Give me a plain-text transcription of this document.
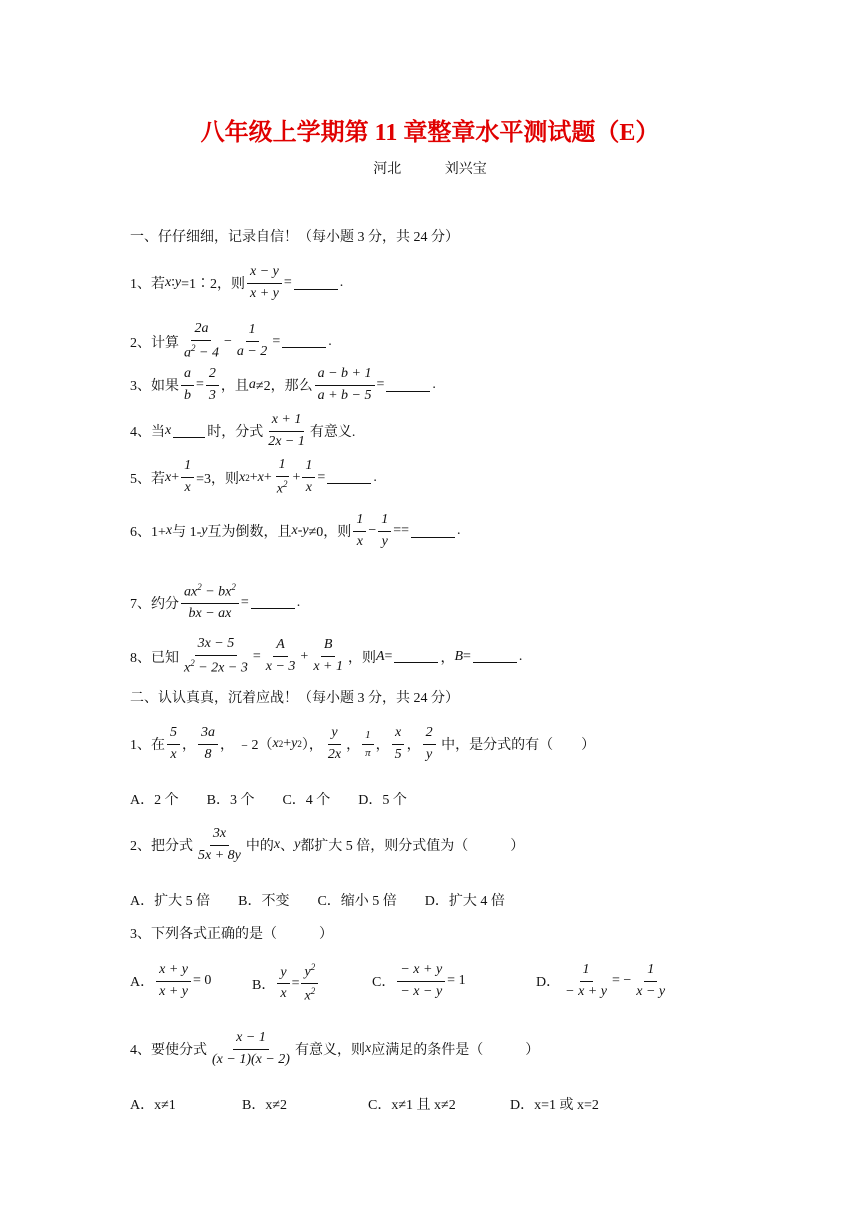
八年级上学期第 11 章整章水平测试题（E）
河北	刘兴宝
一、仔仔细细，记录自信！（每小题 3 分，共 24 分）
1、若 x ∶ y =1∶2，则 $\frac{x - y}{x + y}$ =	.
2、计算 $\frac{2a}{a^2 - 4} - \frac{1}{a - 2}$ =	.
3、如果 $\frac{a}{b} = \frac{2}{3}$ ，且 a ≠2，那么 $\frac{a - b + 1}{a + b - 5}$ =	.
4、当 x	时，分式 $\frac{x + 1}{2x - 1}$ 有意义.
5、若 $x + \frac{1}{x} =3$，则 x $2 + x + \frac{1}{x^2} + \frac{1}{x}$ =	.
6、1+ x 与 1- y 互为倒数，且 x - y ≠0，则 $\frac{1}{x} - \frac{1}{y}$ ==	.
7、约分 $\frac{ax^2 - bx^2}{bx - ax}$ =	.
8、已知 $\frac{3x - 5}{x^2 - 2x - 3} = \frac{A}{x - 3} + \frac{B}{x + 1}$ ，则 A =	， B =	.
二、认认真真，沉着应战！（每小题 3 分，共 24 分）
1、在 $\frac{5}{x}$ ， $\frac{3a}{8}$ ， ﹣2（ x 2 + y 2 ）， $\frac{y}{2x}$ ， $\frac{1}{\pi}$ ， $\frac{x}{5}$ ， $\frac{2}{y}$ 中，是分式的有（　　）
A．2 个　　B．3 个　　C．4 个　　D．5 个
2、把分式 $\frac{3x}{5x + 8y}$ 中的 x 、 y 都扩大 5 倍，则分式值为（　　　）
A．扩大 5 倍　　B．不变　　C．缩小 5 倍　　D．扩大 4 倍
3、下列各式正确的是（　　　）
A． $\frac{x + y}{x + y} = 0$	B． $\frac{y}{x} = \frac{y^2}{x^2}$	C． $\frac{- x + y}{- x - y} = 1$	D． $\frac{1}{- x + y}$ = − $\frac{1}{x - y}$
4、要使分式 $\frac{x - 1}{(x - 1)(x - 2)}$ 有意义，则 x 应满足的条件是（　　　）
A．x≠1	B．x≠2	C．x≠1 且 x≠2	D．x=1 或 x=2
